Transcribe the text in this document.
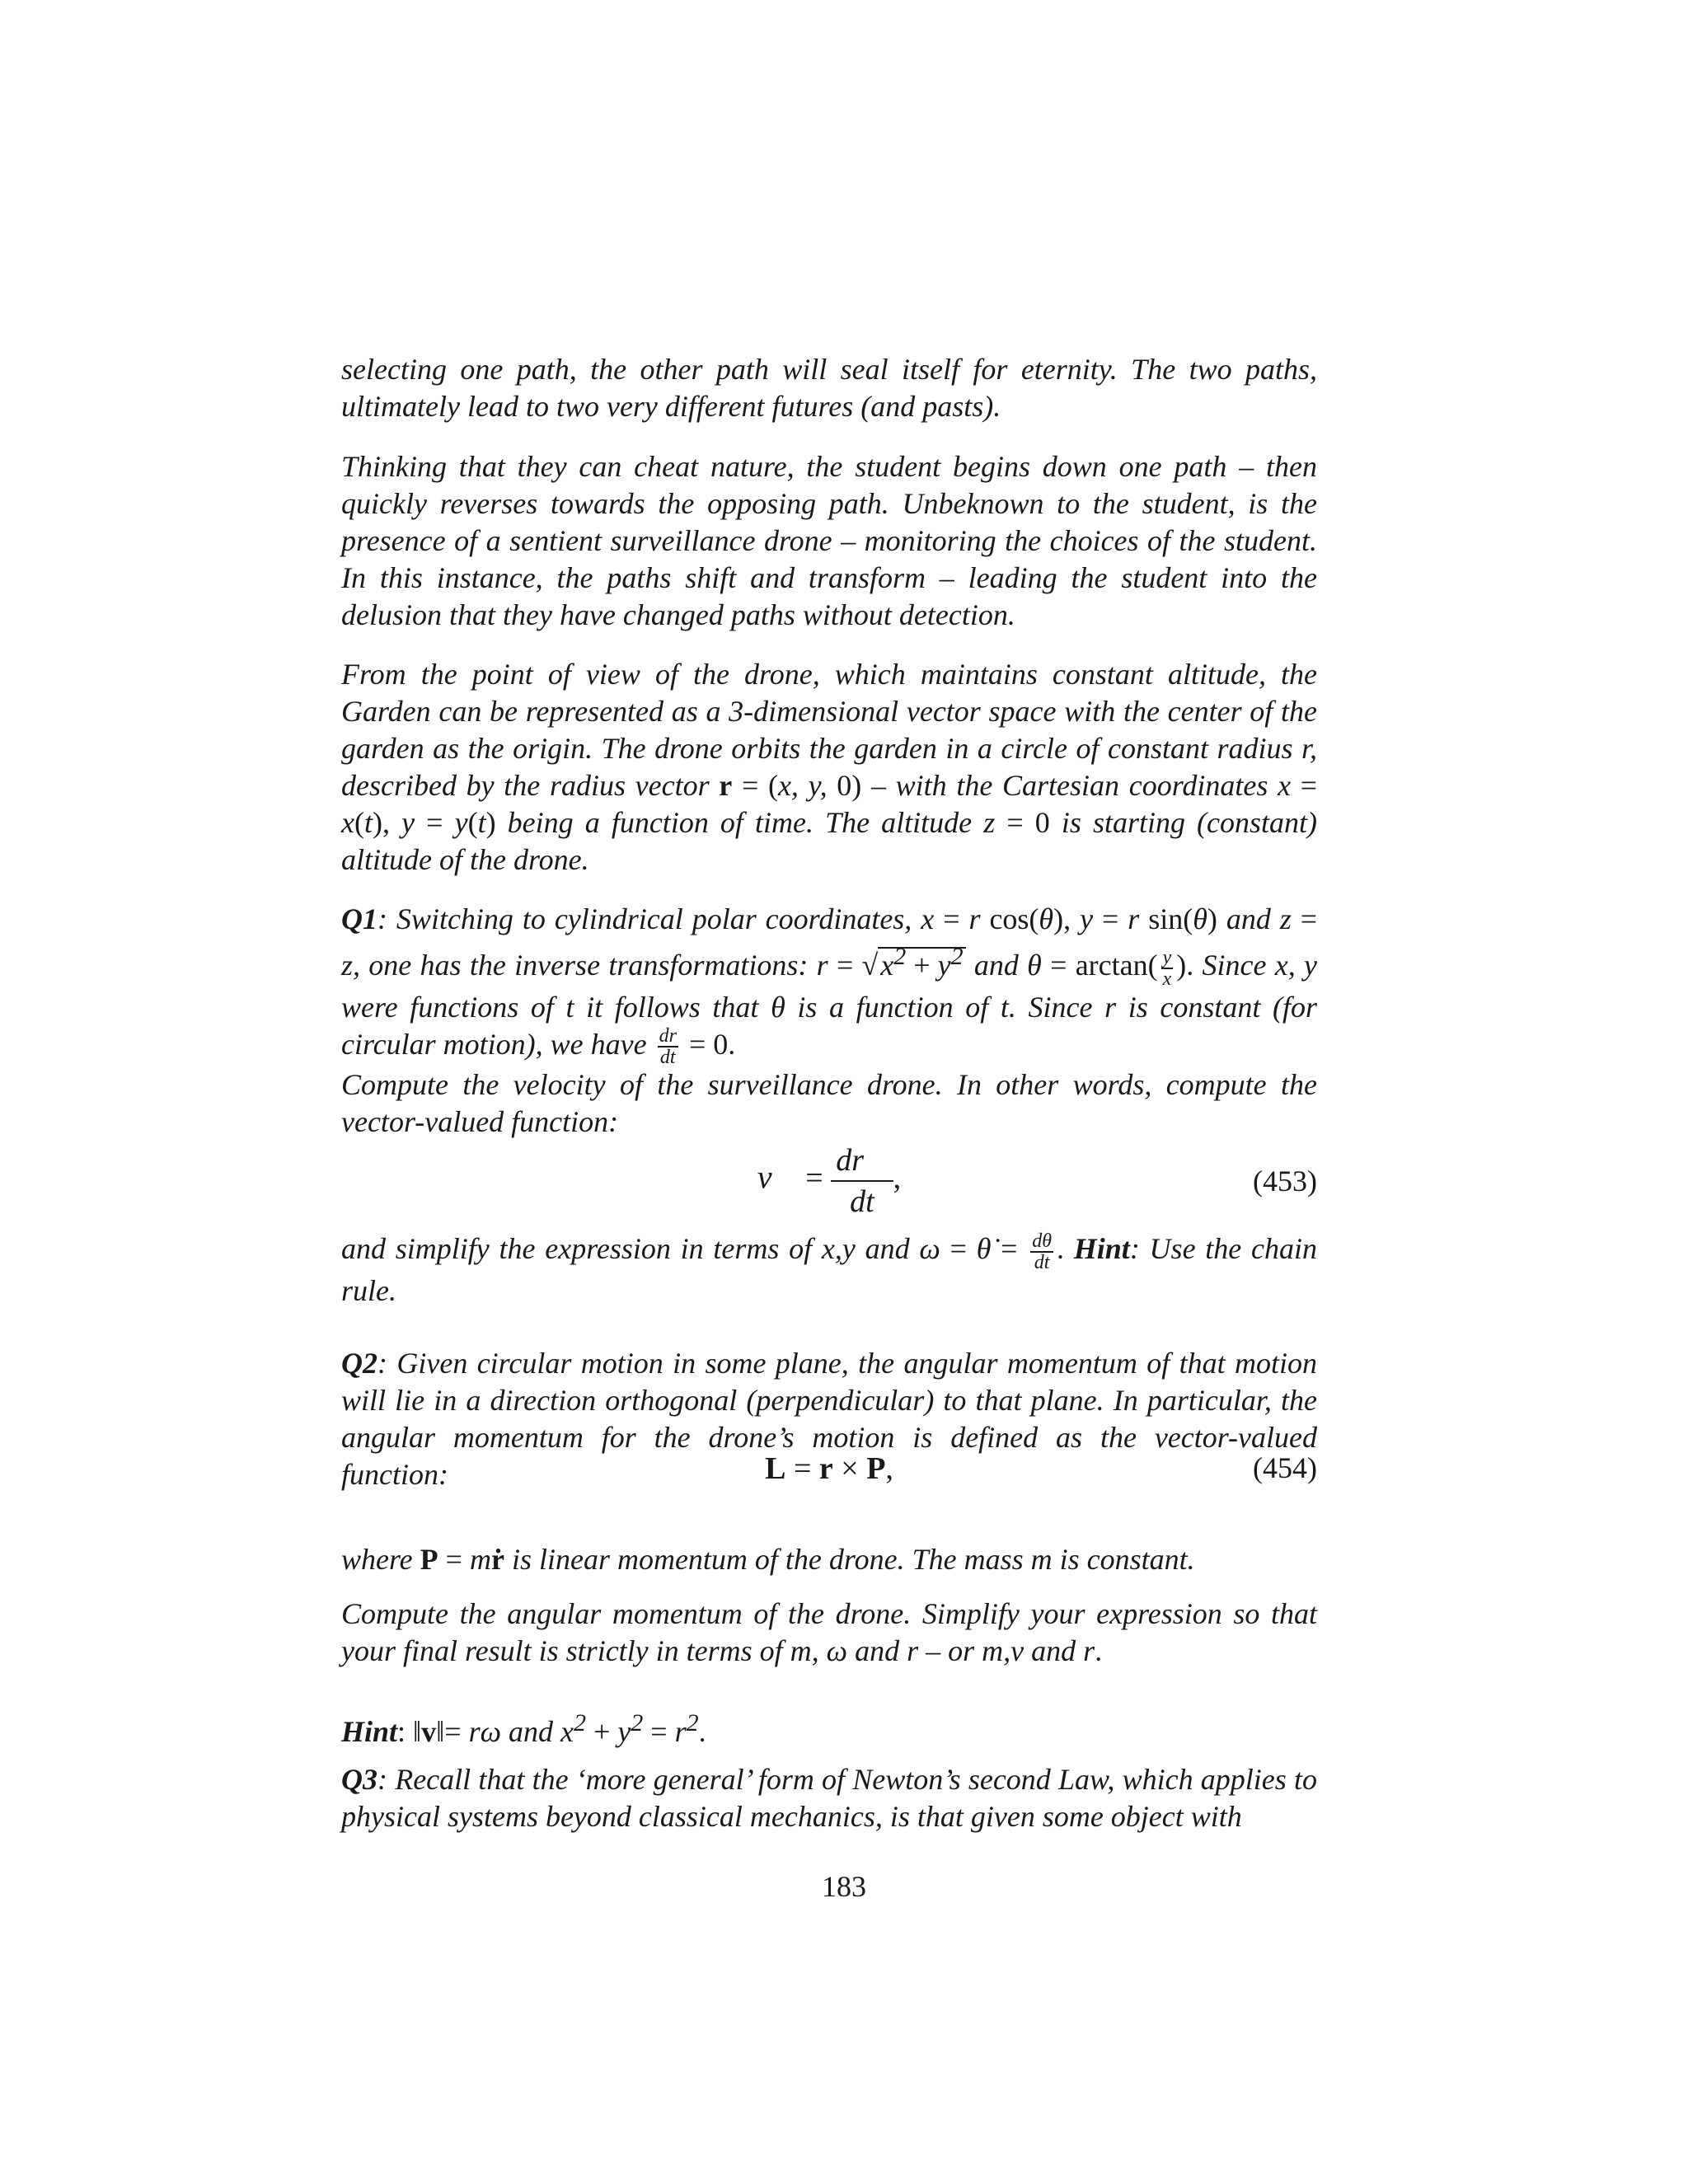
selecting one path, the other path will seal itself for eternity. The two paths, ultimately lead to two very different futures (and pasts).
Thinking that they can cheat nature, the student begins down one path – then quickly reverses towards the opposing path. Unbeknown to the student, is the presence of a sentient surveillance drone – monitoring the choices of the student. In this instance, the paths shift and transform – leading the student into the delusion that they have changed paths without detection.
From the point of view of the drone, which maintains constant altitude, the Garden can be represented as a 3-dimensional vector space with the center of the garden as the origin. The drone orbits the garden in a circle of constant radius r, described by the radius vector r = (x, y, 0) – with the Cartesian coordinates x = x(t), y = y(t) being a function of time. The altitude z = 0 is starting (constant) altitude of the drone.
Q1: Switching to cylindrical polar coordinates, x = r cos(θ), y = r sin(θ) and z = z, one has the inverse transformations: $r = √x^2 + y^2$ and $\theta = \arctan( \frac{y}{x}$ ). Since x, y were functions of t it follows that θ is a function of t. Since r is constant (for circular motion), we have $\frac{dr}{dt} = 0$.
Compute the velocity of the surveillance drone. In other words, compute the vector-valued function:
v⃗ = $\frac{dr⃗}{dt}$ ,	(453)
and simplify the expression in terms of x,y and ω = θ̇ = $\frac{d\theta}{dt}$ . Hint: Use the chain rule.
Q2: Given circular motion in some plane, the angular momentum of that motion will lie in a direction orthogonal (perpendicular) to that plane. In particular, the angular momentum for the drone’s motion is defined as the vector-valued function:	L = r × P,	(454)
where P = mṙ is linear momentum of the drone. The mass m is constant.
Compute the angular momentum of the drone. Simplify your expression so that your final result is strictly in terms of m, ω and r – or m,v and r.
Hint: ‖v‖= rω and $x^2 + y^2 = r^2$.
Q3: Recall that the ‘more general’ form of Newton’s second Law, which applies to physical systems beyond classical mechanics, is that given some object with
183
